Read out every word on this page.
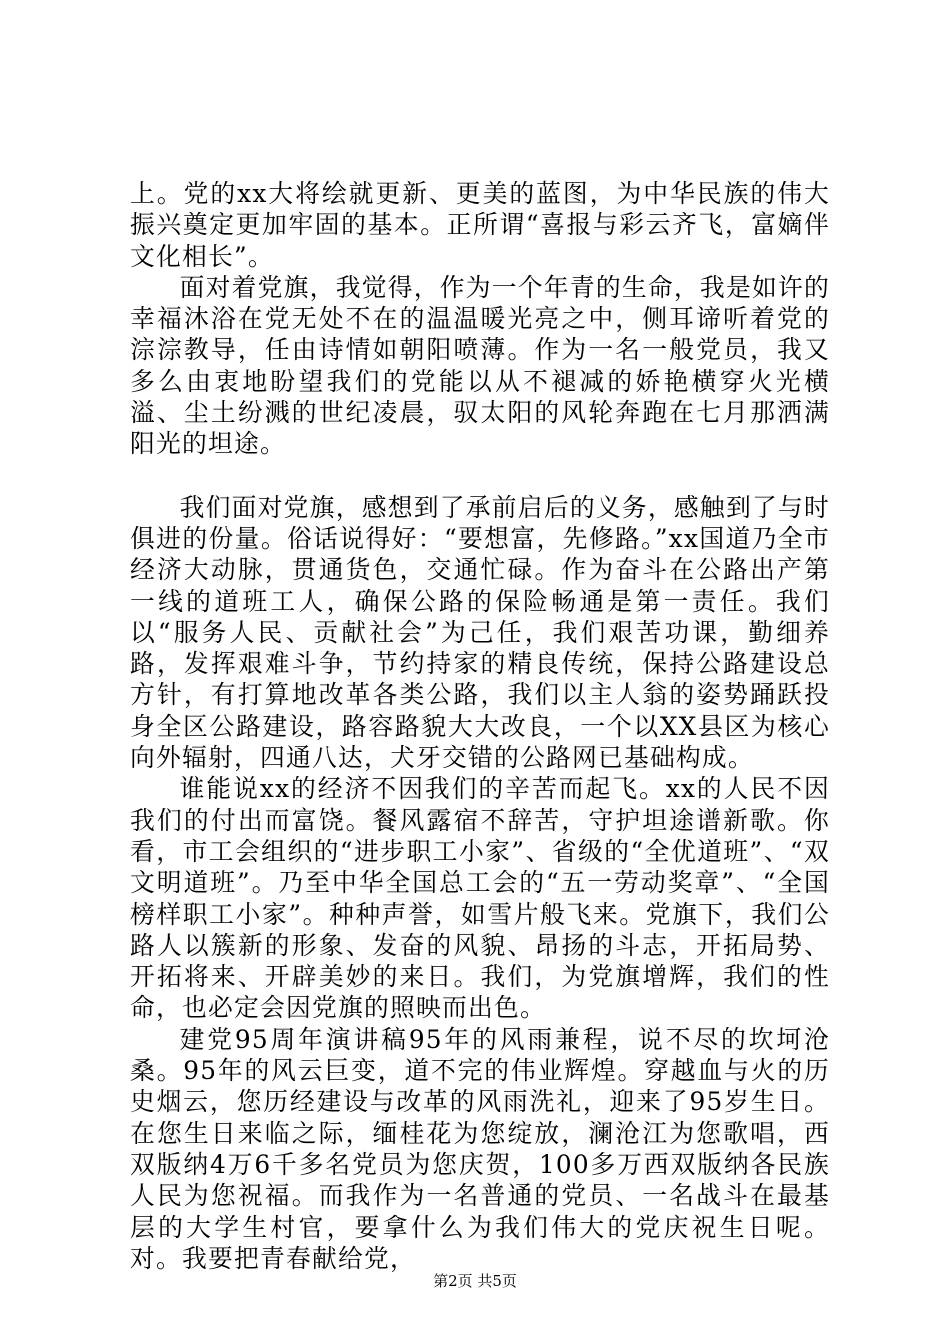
上。党的xx大将绘就更新、更美的蓝图，为中华民族的伟大振兴奠定更加牢固的基本。正所谓“喜报与彩云齐飞，富嫡伴文化相长”。

面对着党旗，我觉得，作为一个年青的生命，我是如许的幸福沐浴在党无处不在的温温暖光亮之中，侧耳谛听着党的淙淙教导，任由诗情如朝阳喷薄。作为一名一般党员，我又多么由衷地盼望我们的党能以从不褪减的娇艳横穿火光横溢、尘土纷溅的世纪凌晨，驭太阳的风轮奔跑在七月那洒满阳光的坦途。

我们面对党旗，感想到了承前启后的义务，感触到了与时俱进的份量。俗话说得好：“要想富，先修路。”xx国道乃全市经济大动脉，贯通货色，交通忙碌。作为奋斗在公路出产第一线的道班工人，确保公路的保险畅通是第一责任。我们以“服务人民、贡献社会”为己任，我们艰苦功课，勤细养路，发挥艰难斗争，节约持家的精良传统，保持公路建设总方针，有打算地改革各类公路，我们以主人翁的姿势踊跃投身全区公路建设，路容路貌大大改良，一个以XX县区为核心向外辐射，四通八达，犬牙交错的公路网已基础构成。

谁能说xx的经济不因我们的辛苦而起飞。xx的人民不因我们的付出而富饶。餐风露宿不辞苦，守护坦途谱新歌。你看，市工会组织的“进步职工小家”、省级的“全优道班”、“双文明道班”。乃至中华全国总工会的“五一劳动奖章”、“全国榜样职工小家”。种种声誉，如雪片般飞来。党旗下，我们公路人以簇新的形象、发奋的风貌、昂扬的斗志，开拓局势、开拓将来、开辟美妙的来日。我们，为党旗增辉，我们的性命，也必定会因党旗的照映而出色。

建党95周年演讲稿95年的风雨兼程，说不尽的坎坷沧桑。95年的风云巨变，道不完的伟业辉煌。穿越血与火的历史烟云，您历经建设与改革的风雨洗礼，迎来了95岁生日。在您生日来临之际，缅桂花为您绽放，澜沧江为您歌唱，西双版纳4万6千多名党员为您庆贺，100多万西双版纳各民族人民为您祝福。而我作为一名普通的党员、一名战斗在最基层的大学生村官，要拿什么为我们伟大的党庆祝生日呢。对。我要把青春献给党，

第2页 共5页
